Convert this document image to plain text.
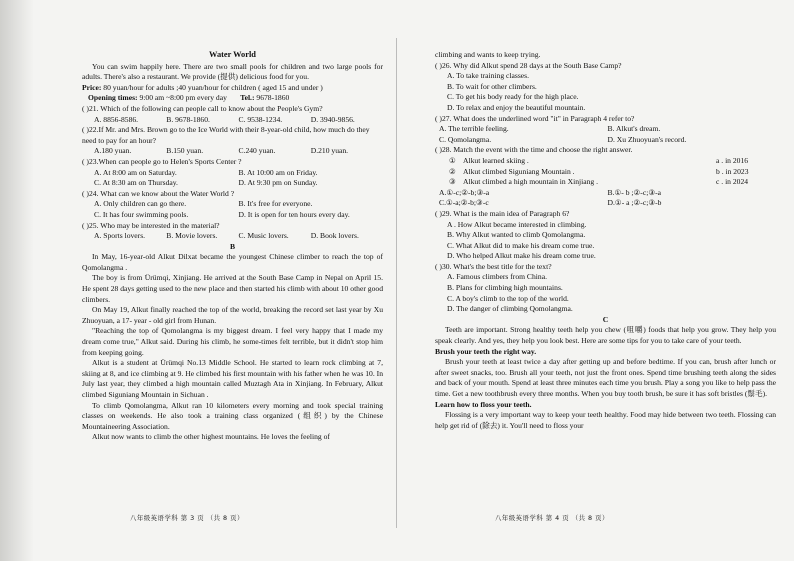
Water World

You can swim happily here. There are two small pools for children and two large pools for adults. There's also a restaurant. We provide (提供) delicious food for you.

Price: 80 yuan/hour for adults ;40 yuan/hour for children ( aged 15 and under )

Opening times: 9:00 am ~8:00 pm every day Tel.: 9678-1860

( )21. Which of the following can people call to know about the People's Gym?

A. 8856-8586.	B. 9678-1860.	C. 9538-1234.	D. 3940-9856.

( )22.If Mr. and Mrs. Brown go to the Ice World with their 8-year-old child, how much do they need to pay for an hour?

A.180 yuan.	B.150 yuan.	C.240 yuan.	D.210 yuan.

( )23.When can people go to Helen's Sports Center ?

A. At 8:00 am on Saturday.	B. At 10:00 am on Friday.
C. At 8:30 am on Thursday.	D. At 9:30 pm on Sunday.

( )24. What can we know about the Water World ?

A. Only children can go there.	B. It's free for everyone.
C. It has four swimming pools.	D. It is open for ten hours every day.

( )25. Who may be interested in the material?

A. Sports lovers.	B. Movie lovers.	C. Music lovers.	D. Book lovers.

B

In May, 16-year-old Alkut Dilxat became the youngest Chinese climber to reach the top of Qomolangma .

The boy is from Ürümqi, Xinjiang. He arrived at the South Base Camp in Nepal on April 15. He spent 28 days getting used to the new place and then started his climb with about 10 other good climbers.

On May 19, Alkut finally reached the top of the world, breaking the record set last year by Xu Zhuoyuan, a 17- year - old girl from Hunan.

"Reaching the top of Qomolangma is my biggest dream. I feel very happy that I made my dream come true," Alkut said. During his climb, he some-times felt terrible, but it didn't stop him from keeping going.

Alkut is a student at Ürümqi No.13 Middle School. He started to learn rock climbing at 7, skiing at 8, and ice climbing at 9. He climbed his first mountain with his father when he was 10. In July last year, they climbed a high mountain called Muztagh Ata in Xinjiang. In February, Alkut climbed Siguniang Mountain in Sichuan .

To climb Qomolangma, Alkut ran 10 kilometers every morning and took special training classes on weekends. He also took a training class organized (组织) by the Chinese Mountaineering Association.

Alkut now wants to climb the other highest mountains. He loves the feeling of

八年级英语学科 第 3 页 （共 8 页）

climbing and wants to keep trying.

( )26. Why did Alkut spend 28 days at the South Base Camp?

A. To take training classes.
B. To wait for other climbers.
C. To get his body ready for the high place.
D. To relax and enjoy the beautiful mountain.

( )27. What does the underlined word "it" in Paragraph 4 refer to?

A. The terrible feeling.	B. Alkut's dream.
C. Qomolangma.	D. Xu Zhuoyuan's record.

( )28. Match the event with the time and choose the right answer.

① Alkut learned skiing .	a . in 2016
② Alkut climbed Siguniang Mountain .	b . in 2023
③ Alkut climbed a high mountain in Xinjiang .	c . in 2024
A.①-c;②-b;③-a	B.①- b ;②-c;③-a
C.①-a;②-b;③-c	D.①- a ;②-c;③-b

( )29. What is the main idea of Paragraph 6?

A . How Alkut became interested in climbing.
B. Why Alkut wanted to climb Qomolangma.
C. What Alkut did to make his dream come true.
D. Who helped Alkut make his dream come true.

( )30. What's the best title for the text?

A. Famous climbers from China.
B. Plans for climbing high mountains.
C. A boy's climb to the top of the world.
D. The danger of climbing Qomolangma.

C

Teeth are important. Strong healthy teeth help you chew (咀嚼) foods that help you grow. They help you speak clearly. And yes, they help you look best. Here are some tips for you to take care of your teeth.

Brush your teeth the right way.

Brush your teeth at least twice a day after getting up and before bedtime. If you can, brush after lunch or after sweet snacks, too. Brush all your teeth, not just the front ones. Spend time brushing teeth along the sides and back of your mouth. Spend at least three minutes each time you brush. Play a song you like to help pass the time. Get a new toothbrush every three months. When you buy tooth brush, be sure it has soft bristles (鬃毛).

Learn how to floss your teeth.

Flossing is a very important way to keep your teeth healthy. Food may hide between two teeth. Flossing can help get rid of (除去) it. You'll need to floss your

八年级英语学科 第 4 页 （共 8 页）
